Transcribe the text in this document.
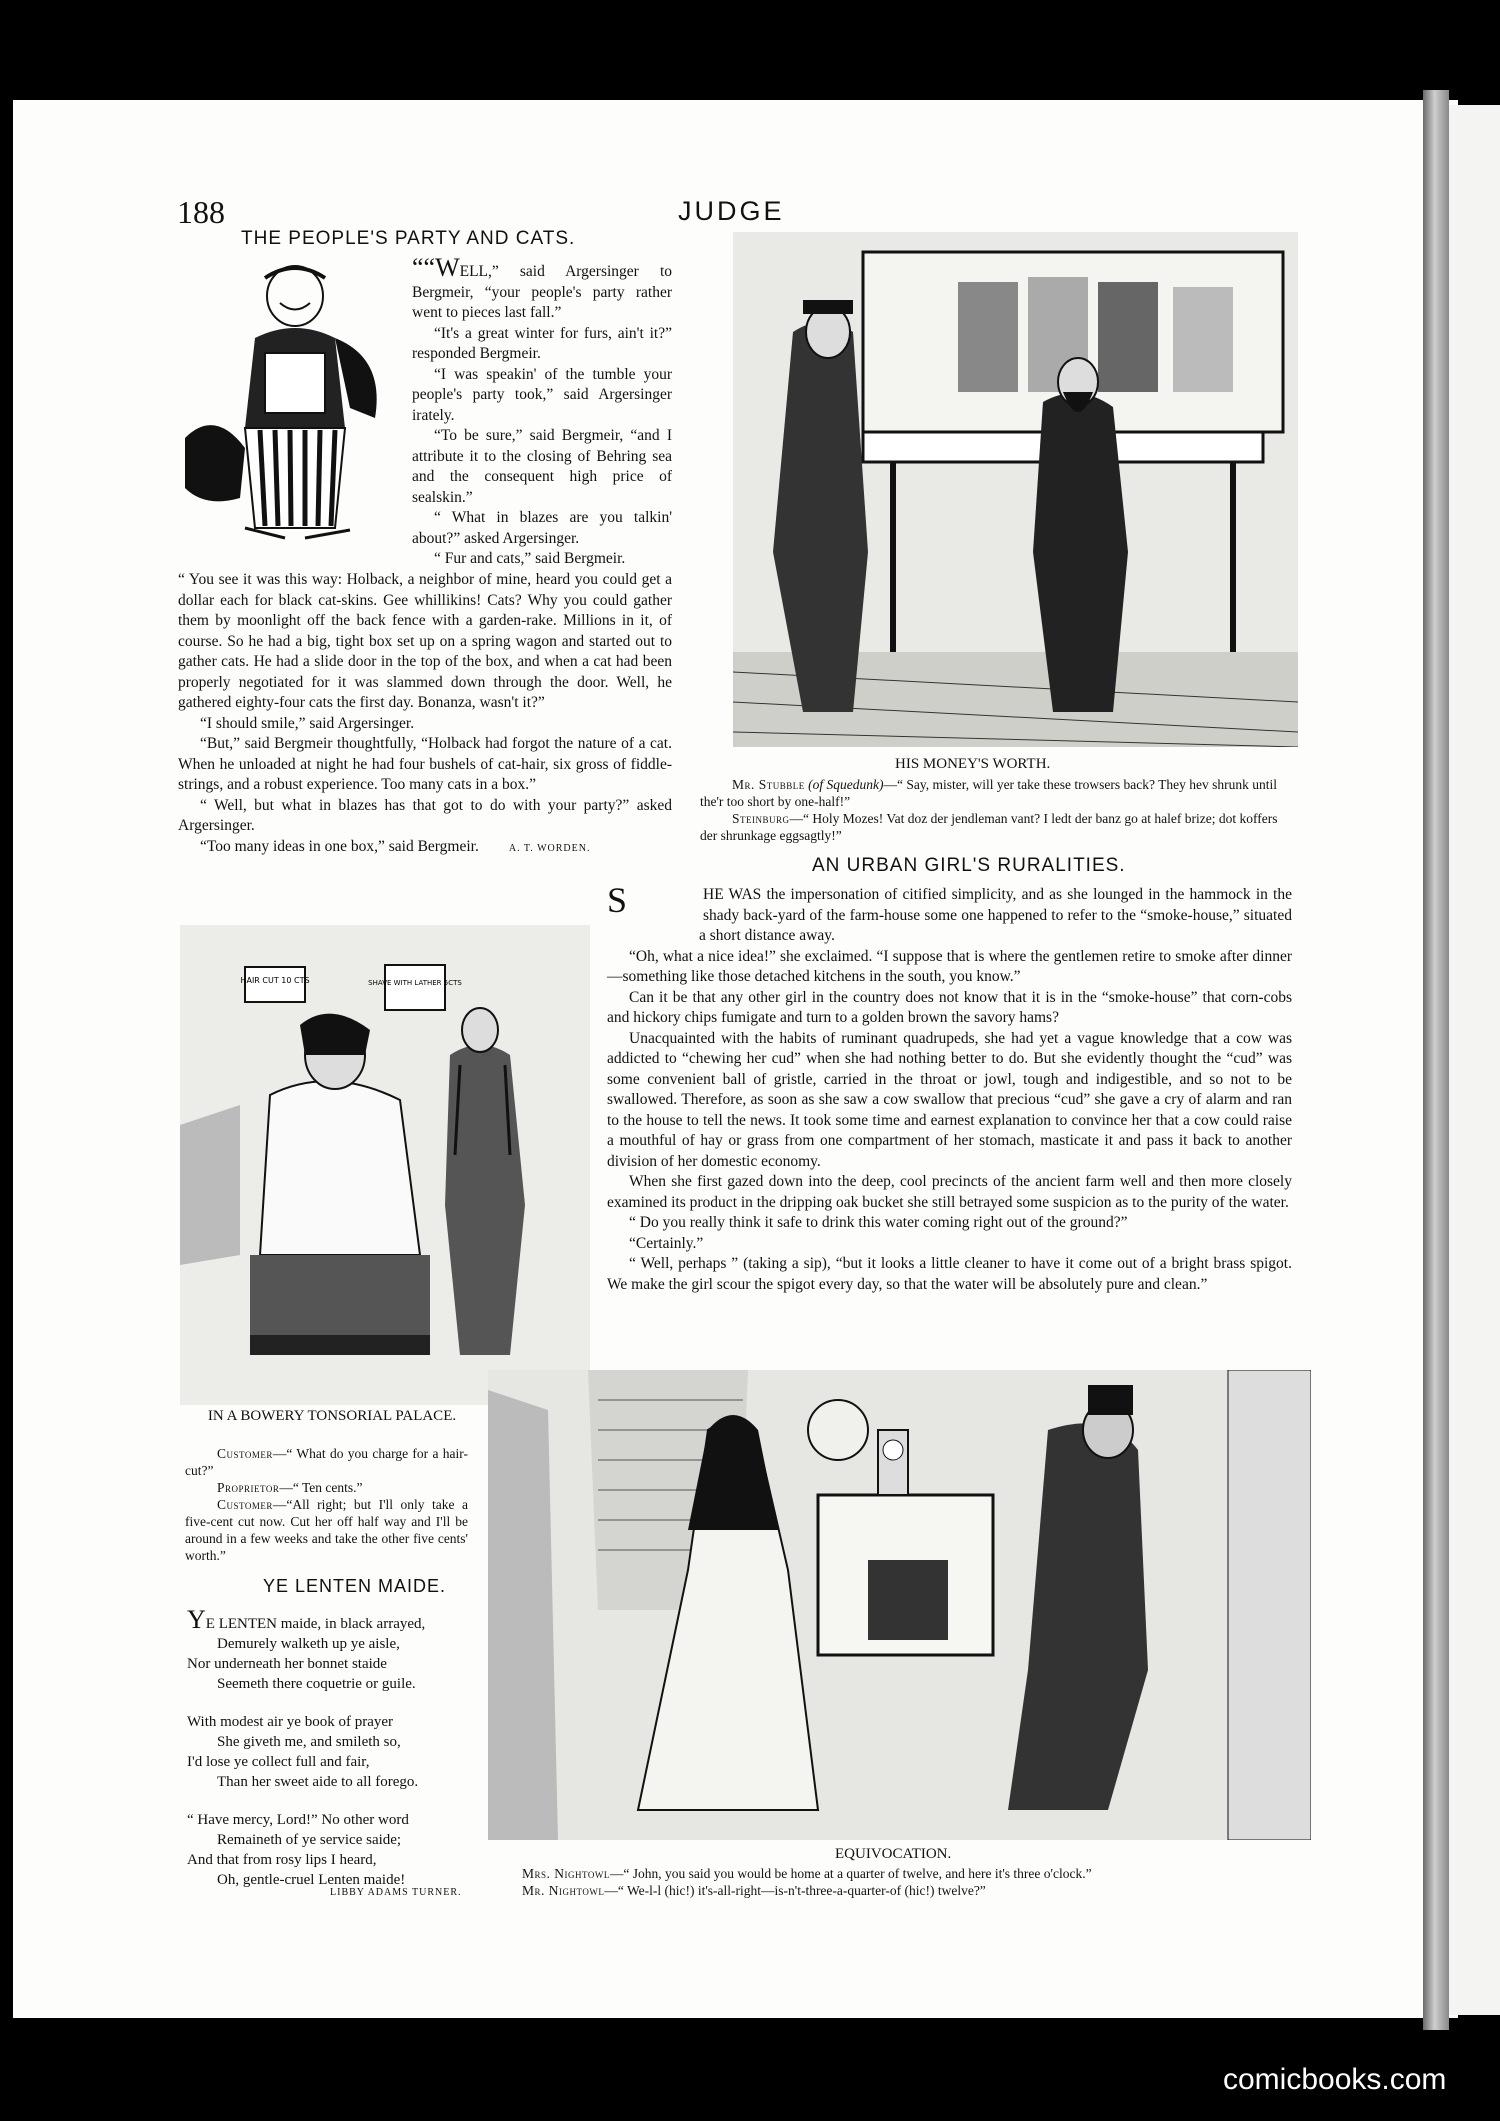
188	JUDGE
THE PEOPLE'S PARTY AND CATS.

““WELL,” said Argersinger to Bergmeir, “your people's party rather went to pieces last fall.”

“It's a great winter for furs, ain't it?” responded Bergmeir.

“I was speakin' of the tumble your people's party took,” said Argersinger irately.

“To be sure,” said Bergmeir, “and I attribute it to the closing of Behring sea and the consequent high price of sealskin.”

“ What in blazes are you talkin' about?” asked Argersinger.

“ Fur and cats,” said Bergmeir.

“ You see it was this way: Holback, a neighbor of mine, heard you could get a dollar each for black cat-skins. Gee whillikins! Cats? Why you could gather them by moonlight off the back fence with a garden-rake. Millions in it, of course. So he had a big, tight box set up on a spring wagon and started out to gather cats. He had a slide door in the top of the box, and when a cat had been properly negotiated for it was slammed down through the door. Well, he gathered eighty-four cats the first day. Bonanza, wasn't it?”

“I should smile,” said Argersinger.

“But,” said Bergmeir thoughtfully, “Holback had forgot the nature of a cat. When he unloaded at night he had four bushels of cat-hair, six gross of fiddle-strings, and a robust experience. Too many cats in a box.”

“ Well, but what in blazes has that got to do with your party?” asked Argersinger.

“Too many ideas in one box,” said Bergmeir.	A. T. WORDEN.

HIS MONEY'S WORTH.

Mr. Stubble (of Squedunk)—“ Say, mister, will yer take these trowsers back? They hev shrunk until the'r too short by one-half!”

Steinburg—“ Holy Mozes! Vat doz der jendleman vant? I ledt der banz go at halef brize; dot koffers der shrunkage eggsagtly!”

AN URBAN GIRL'S RURALITIES.

S	HE WAS the impersonation of citified simplicity, and as she lounged in the hammock in the shady back-yard of the farm-house some one happened to refer to the “smoke-house,” situated a short distance away.

“Oh, what a nice idea!” she exclaimed. “I suppose that is where the gentlemen retire to smoke after dinner—something like those detached kitchens in the south, you know.”

Can it be that any other girl in the country does not know that it is in the “smoke-house” that corn-cobs and hickory chips fumigate and turn to a golden brown the savory hams?

Unacquainted with the habits of ruminant quadrupeds, she had yet a vague knowledge that a cow was addicted to “chewing her cud” when she had nothing better to do. But she evidently thought the “cud” was some convenient ball of gristle, carried in the throat or jowl, tough and indigestible, and so not to be swallowed. Therefore, as soon as she saw a cow swallow that precious “cud” she gave a cry of alarm and ran to the house to tell the news. It took some time and earnest explanation to convince her that a cow could raise a mouthful of hay or grass from one compartment of her stomach, masticate it and pass it back to another division of her domestic economy.

When she first gazed down into the deep, cool precincts of the ancient farm well and then more closely examined its product in the dripping oak bucket she still betrayed some suspicion as to the purity of the water.

“ Do you really think it safe to drink this water coming right out of the ground?”

“Certainly.”

“ Well, perhaps ” (taking a sip), “but it looks a little cleaner to have it come out of a bright brass spigot. We make the girl scour the spigot every day, so that the water will be absolutely pure and clean.”

HAIR CUT 10 CTS	SHAVE WITH LATHER 5CTS
IN A BOWERY TONSORIAL PALACE.

Customer—“ What do you charge for a hair-cut?”

Proprietor—“ Ten cents.”

Customer—“All right; but I'll only take a five-cent cut now. Cut her off half way and I'll be around in a few weeks and take the other five cents' worth.”

YE LENTEN MAIDE.
YE LENTEN maide, in black arrayed,
Demurely walketh up ye aisle,
Nor underneath her bonnet staide
Seemeth there coquetrie or guile.
With modest air ye book of prayer
She giveth me, and smileth so,
I'd lose ye collect full and fair,
Than her sweet aide to all forego.
“ Have mercy, Lord!” No other word
Remaineth of ye service saide;
And that from rosy lips I heard,
Oh, gentle-cruel Lenten maide!
LIBBY ADAMS TURNER.
EQUIVOCATION.

Mrs. Nightowl—“ John, you said you would be home at a quarter of twelve, and here it's three o'clock.”

Mr. Nightowl—“ We-l-l (hic!) it's-all-right—is-n't-three-a-quarter-of (hic!) twelve?”

comicbooks.com
